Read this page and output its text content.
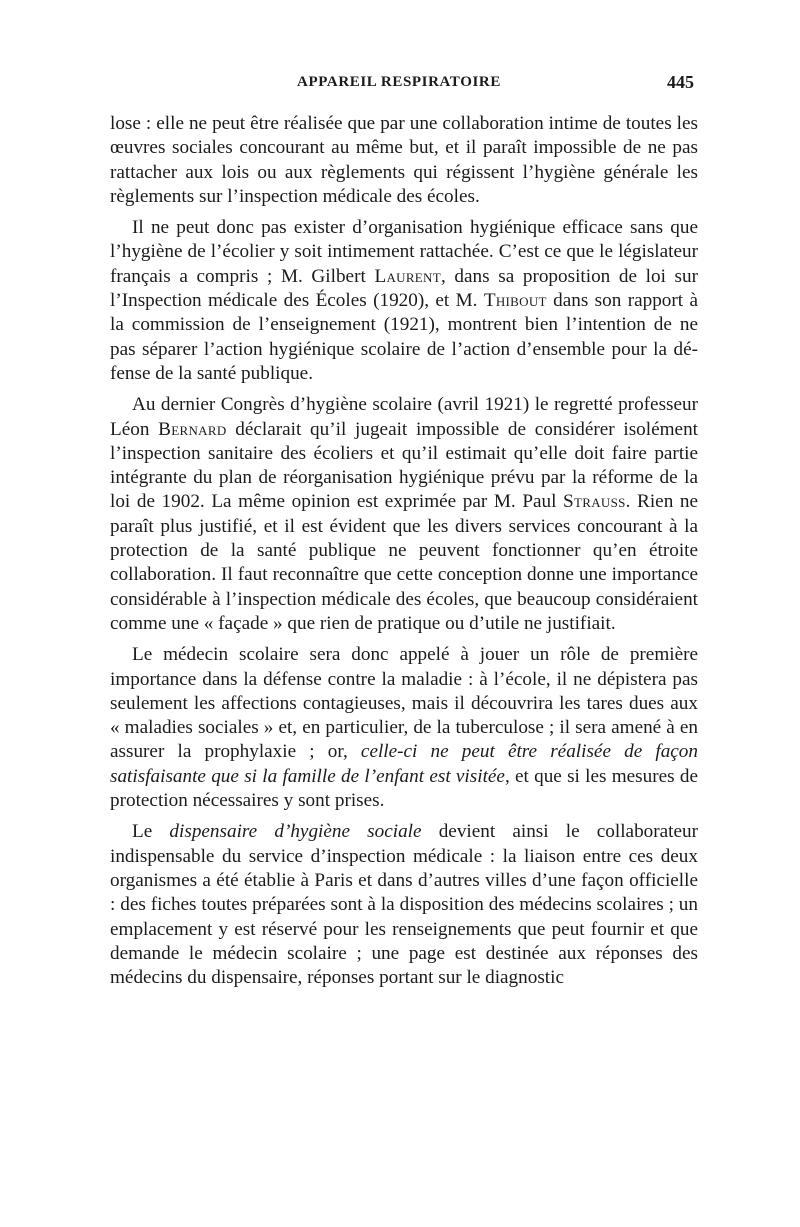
APPAREIL RESPIRATOIRE	445

lose : elle ne peut être réalisée que par une collaboration intime de toutes les œuvres sociales concourant au même but, et il paraît impossible de ne pas rattacher aux lois ou aux règlements qui régissent l’hygiène générale les règlements sur l’inspection médicale des écoles.

Il ne peut donc pas exister d’organisation hygiénique efficace sans que l’hygiène de l’écolier y soit intimement rattachée. C’est ce que le législateur français a compris ; M. Gilbert Laurent, dans sa proposition de loi sur l’Inspection médicale des Écoles (1920), et M. Thibout dans son rapport à la commission de l’enseignement (1921), montrent bien l’intention de ne pas séparer l’action hygiénique scolaire de l’action d’ensemble pour la défense de la santé publique.

Au dernier Congrès d’hygiène scolaire (avril 1921) le regretté professeur Léon Bernard déclarait qu’il jugeait impossible de considérer isolément l’inspection sanitaire des écoliers et qu’il estimait qu’elle doit faire partie intégrante du plan de réorganisation hygiénique prévu par la réforme de la loi de 1902. La même opinion est exprimée par M. Paul Strauss. Rien ne paraît plus justifié, et il est évident que les divers services concourant à la protection de la santé publique ne peuvent fonctionner qu’en étroite collaboration. Il faut reconnaître que cette conception donne une importance considérable à l’inspection médicale des écoles, que beaucoup considéraient comme une « façade » que rien de pratique ou d’utile ne justifiait.

Le médecin scolaire sera donc appelé à jouer un rôle de première importance dans la défense contre la maladie : à l’école, il ne dépistera pas seulement les affections contagieuses, mais il découvrira les tares dues aux « maladies sociales » et, en particulier, de la tuberculose ; il sera amené à en assurer la prophylaxie ; or, celle-ci ne peut être réalisée de façon satisfaisante que si la famille de l’enfant est visitée, et que si les mesures de protection nécessaires y sont prises.

Le dispensaire d’hygiène sociale devient ainsi le collaborateur indispensable du service d’inspection médicale : la liaison entre ces deux organismes a été établie à Paris et dans d’autres villes d’une façon officielle : des fiches toutes préparées sont à la disposition des médecins scolaires ; un emplacement y est réservé pour les renseignements que peut fournir et que demande le médecin scolaire ; une page est destinée aux réponses des médecins du dispensaire, réponses portant sur le diagnostic
